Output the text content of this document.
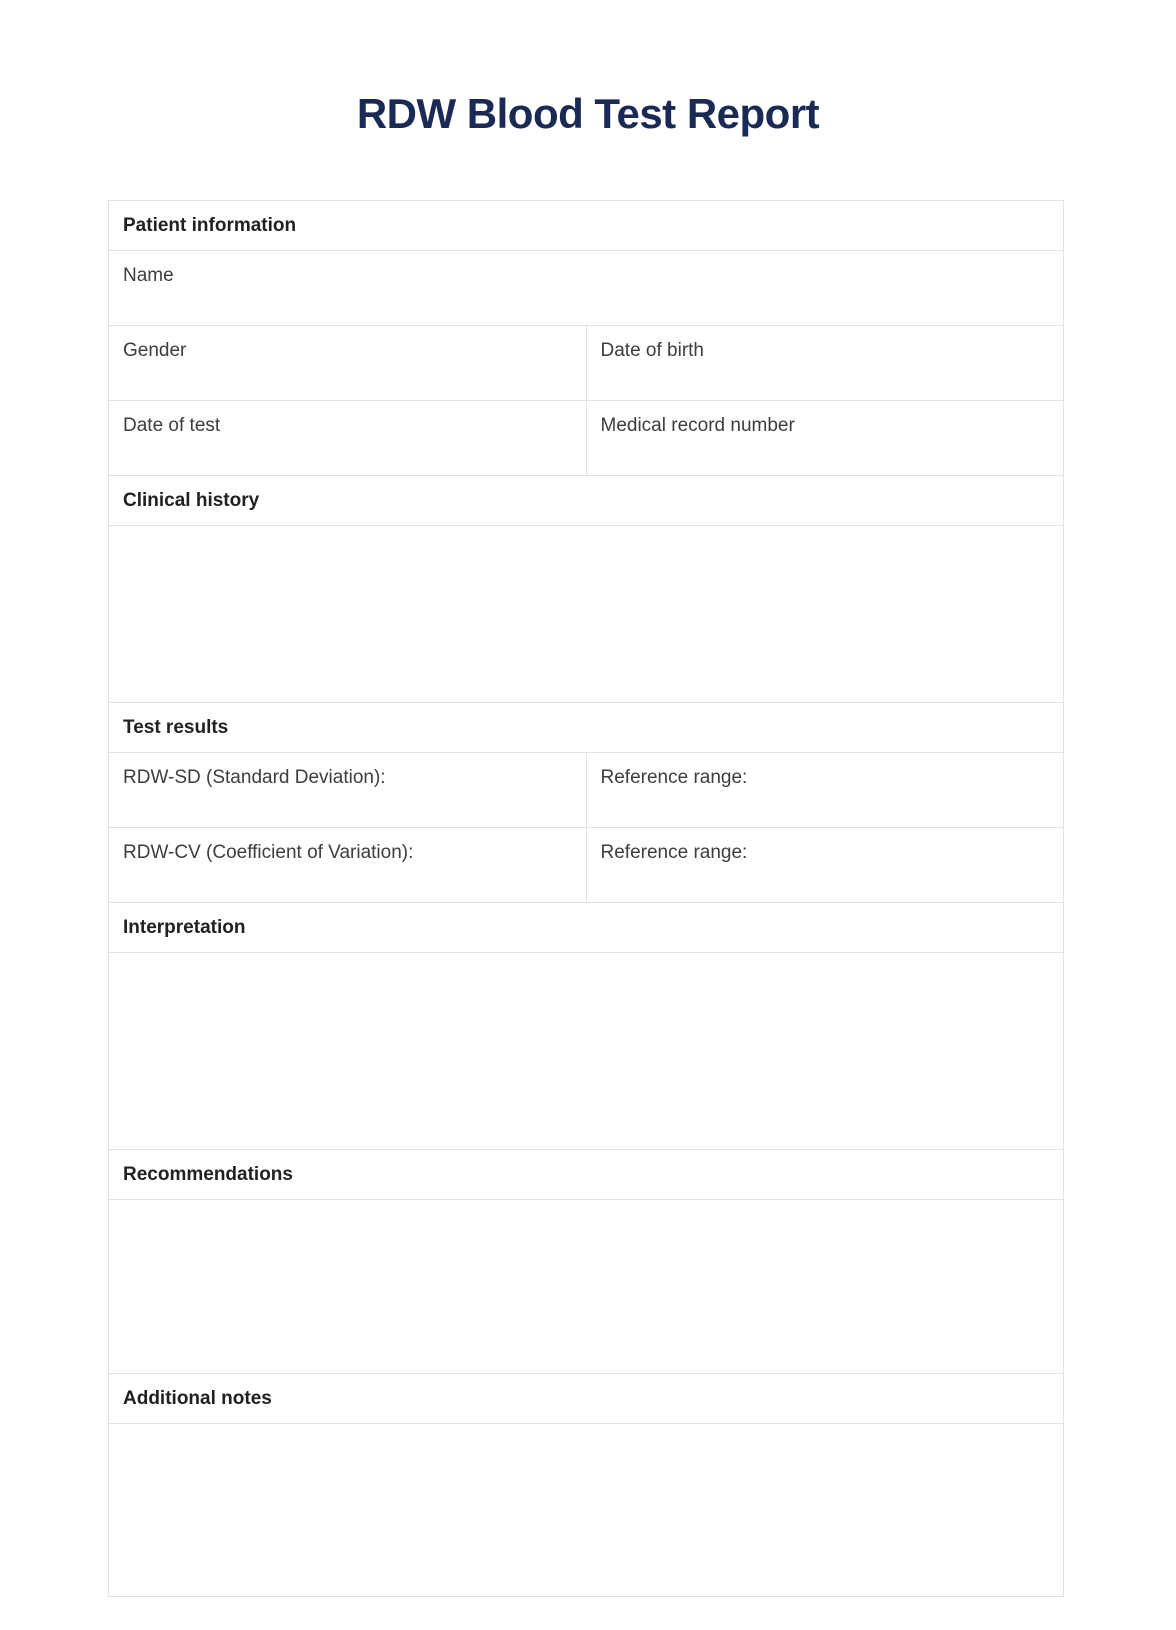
RDW Blood Test Report
Patient information	
Name	
Gender	Date of birth
Date of test	Medical record number
Clinical history	

Test results	
RDW-SD (Standard Deviation):	Reference range:
RDW-CV (Coefficient of Variation):	Reference range:
Interpretation	

Recommendations	

Additional notes	
